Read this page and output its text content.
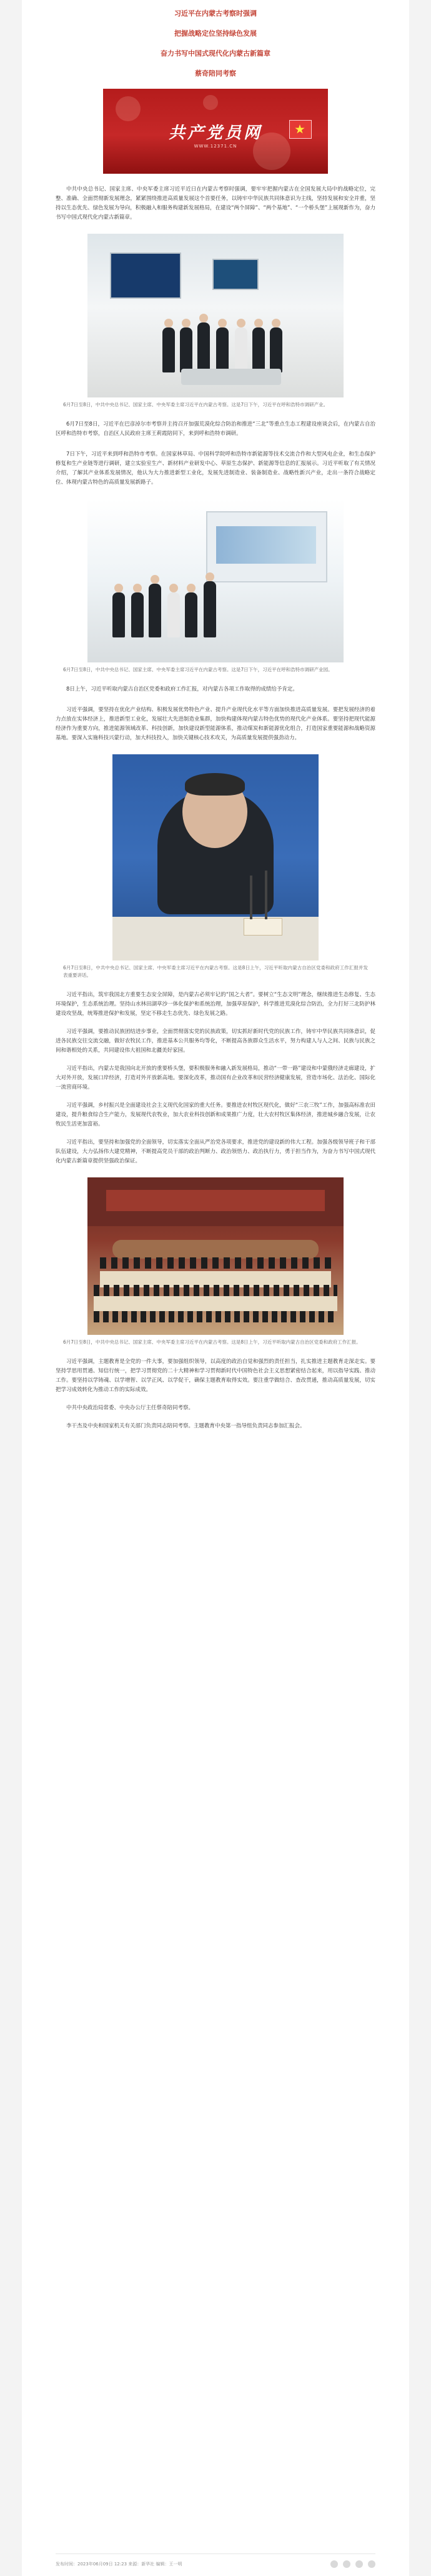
习近平在内蒙古考察时强调

把握战略定位坚持绿色发展

奋力书写中国式现代化内蒙古新篇章

蔡奇陪同考察

共产党员网
WWW.12371.CN

中共中央总书记、国家主席、中央军委主席习近平近日在内蒙古考察时强调，要牢牢把握内蒙古在全国发展大局中的战略定位，完整、准确、全面贯彻新发展理念，紧紧围绕推进高质量发展这个首要任务，以铸牢中华民族共同体意识为主线，坚持发展和安全并重，坚持以生态优先、绿色发展为导向，积极融入和服务构建新发展格局，在建设“两个屏障”、“两个基地”、“一个桥头堡”上展现新作为，奋力书写中国式现代化内蒙古新篇章。

6月7日至8日，中共中央总书记、国家主席、中央军委主席习近平在内蒙古考察。这是7日下午，习近平在呼和浩特市调研产业。

6月7日至8日，习近平在巴彦淖尔市考察并主持召开加强荒漠化综合防治和推进“三北”等重点生态工程建设座谈会后，在内蒙古自治区呼和浩特市考察，自治区人民政府主席王莉霞陪同下，来到呼和浩特市调研。

7日下午，习近平来到呼和浩特市考察。在国家林草局、中国科学院呼和浩特市新能源等技术交流合作和大型风电企业，和生态保护修复和生产业链等进行调研，建立实验室生产、新材料产业研发中心、草原生态保护、新能源等信息的汇报展示。习近平听取了有关情况介绍，了解其产业体系发展情况，他认为大力推进新型工业化，发展先进制造业、装备制造业、战略性新兴产业，走出一条符合战略定位、体现内蒙古特色的高质量发展新路子。

6月7日至8日，中共中央总书记、国家主席、中央军委主席习近平在内蒙古考察。这是7日下午，习近平在呼和浩特市调研产业园。

8日上午，习近平听取内蒙古自治区党委和政府工作汇报，对内蒙古各项工作取得的成绩给予肯定。

习近平强调，要坚持在优化产业结构、积极发展优势特色产业、提升产业现代化水平等方面加快推进高质量发展。要把发展经济的着力点放在实体经济上，推进新型工业化，发展壮大先进制造业集群，加快构建体现内蒙古特色优势的现代化产业体系。要坚持把现代能源经济作为重要方向，推进能源领域改革、科技创新，加快建设新型能源体系，推动煤炭和新能源优化组合，打造国家重要能源和战略资源基地。要深入实施科技兴蒙行动，加大科技投入，加快关键核心技术攻关，为高质量发展提供强劲动力。

6月7日至8日，中共中央总书记、国家主席、中央军委主席习近平在内蒙古考察。这是8日上午，习近平听取内蒙古自治区党委和政府工作汇报并发表重要讲话。

习近平指出，筑牢我国北方重要生态安全屏障，是内蒙古必须牢记的“国之大者”。要树立“生态文明”理念，继续推进生态修复、生态环境保护，生态系统治理。坚持山水林田湖草沙一体化保护和系统治理，加强草原保护，科学推进荒漠化综合防治，全力打好三北防护林建设攻坚战，统筹推进保护和发展，坚定不移走生态优先、绿色发展之路。

习近平强调，要推动民族团结进步事业，全面贯彻落实党的民族政策，切实抓好新时代党的民族工作，铸牢中华民族共同体意识，促进各民族交往交流交融，做好农牧民工作，推进基本公共服务均等化，不断提高各族群众生活水平，努力构建人与人之间、民族与民族之间和谐相处的关系，共同建设伟大祖国和北疆美好家园。

习近平指出，内蒙古是我国向北开放的重要桥头堡，要积极服务和融入新发展格局，推动“一带一路”建设和中蒙俄经济走廊建设，扩大对外开放，发展口岸经济，打造对外开放新高地。要深化改革，推动国有企业改革和民营经济健康发展，营造市场化、法治化、国际化一流营商环境。

习近平强调，乡村振兴是全面建设社会主义现代化国家的重大任务。要推进农村牧区现代化，做好“三农三牧”工作，加强高标准农田建设，提升粮食综合生产能力，发展现代农牧业，加大农业科技创新和成果推广力度，壮大农村牧区集体经济，推进城乡融合发展，让农牧民生活更加富裕。

习近平指出，要坚持和加强党的全面领导，切实落实全面从严治党各项要求，推进党的建设新的伟大工程。加强各级领导班子和干部队伍建设，大力弘扬伟大建党精神，不断提高党员干部的政治判断力、政治领悟力、政治执行力，勇于担当作为，为奋力书写中国式现代化内蒙古新篇章提供坚强政治保证。

6月7日至8日，中共中央总书记、国家主席、中央军委主席习近平在内蒙古考察。这是8日上午，习近平听取内蒙古自治区党委和政府工作汇报。

习近平强调，主题教育是全党的一件大事，要加强组织领导，以高度的政治自觉和强烈的责任担当，扎实推进主题教育走深走实。要坚持学思用贯通、知信行统一，把学习贯彻党的二十大精神和学习贯彻新时代中国特色社会主义思想紧密结合起来，用以指导实践、推动工作。要坚持以学铸魂、以学增智、以学正风、以学促干，确保主题教育取得实效。要注重学做结合、查改贯通，推动高质量发展，切实把学习成效转化为推动工作的实际成效。

中共中央政治局常委、中央办公厅主任蔡奇陪同考察。

李干杰及中央和国家机关有关部门负责同志陪同考察。主题教育中央第一指导组负责同志参加汇报会。

发布时间：2023年06月09日 12:23 来源：新华社 编辑：王一明
